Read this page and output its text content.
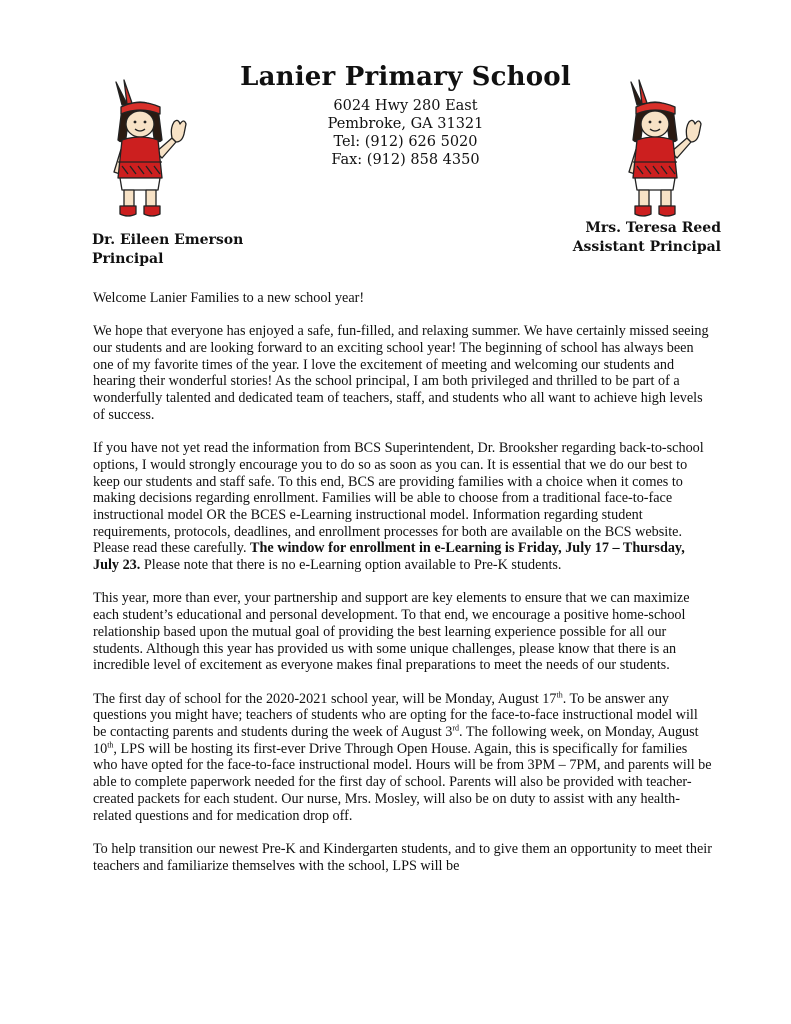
Lanier Primary School
6024 Hwy 280 East
Pembroke, GA 31321
Tel: (912) 626 5020
Fax: (912) 858 4350
Dr. Eileen Emerson
Principal
Mrs. Teresa Reed
Assistant Principal

Welcome Lanier Families to a new school year!

We hope that everyone has enjoyed a safe, fun-filled, and relaxing summer. We have certainly missed seeing our students and are looking forward to an exciting school year! The beginning of school has always been one of my favorite times of the year. I love the excitement of meeting and welcoming our students and hearing their wonderful stories! As the school principal, I am both privileged and thrilled to be part of a wonderfully talented and dedicated team of teachers, staff, and students who all want to achieve high levels of success.

If you have not yet read the information from BCS Superintendent, Dr. Brooksher regarding back-to-school options, I would strongly encourage you to do so as soon as you can. It is essential that we do our best to keep our students and staff safe. To this end, BCS are providing families with a choice when it comes to making decisions regarding enrollment. Families will be able to choose from a traditional face-to-face instructional model OR the BCES e-Learning instructional model. Information regarding student requirements, protocols, deadlines, and enrollment processes for both are available on the BCS website. Please read these carefully. The window for enrollment in e-Learning is Friday, July 17 – Thursday, July 23. Please note that there is no e-Learning option available to Pre-K students.

This year, more than ever, your partnership and support are key elements to ensure that we can maximize each student’s educational and personal development. To that end, we encourage a positive home-school relationship based upon the mutual goal of providing the best learning experience possible for all our students. Although this year has provided us with some unique challenges, please know that there is an incredible level of excitement as everyone makes final preparations to meet the needs of our students.

The first day of school for the 2020-2021 school year, will be Monday, August 17th. To be answer any questions you might have; teachers of students who are opting for the face-to-face instructional model will be contacting parents and students during the week of August 3rd. The following week, on Monday, August 10th, LPS will be hosting its first-ever Drive Through Open House. Again, this is specifically for families who have opted for the face-to-face instructional model. Hours will be from 3PM – 7PM, and parents will be able to complete paperwork needed for the first day of school. Parents will also be provided with teacher-created packets for each student. Our nurse, Mrs. Mosley, will also be on duty to assist with any health-related questions and for medication drop off.

To help transition our newest Pre-K and Kindergarten students, and to give them an opportunity to meet their teachers and familiarize themselves with the school, LPS will be
